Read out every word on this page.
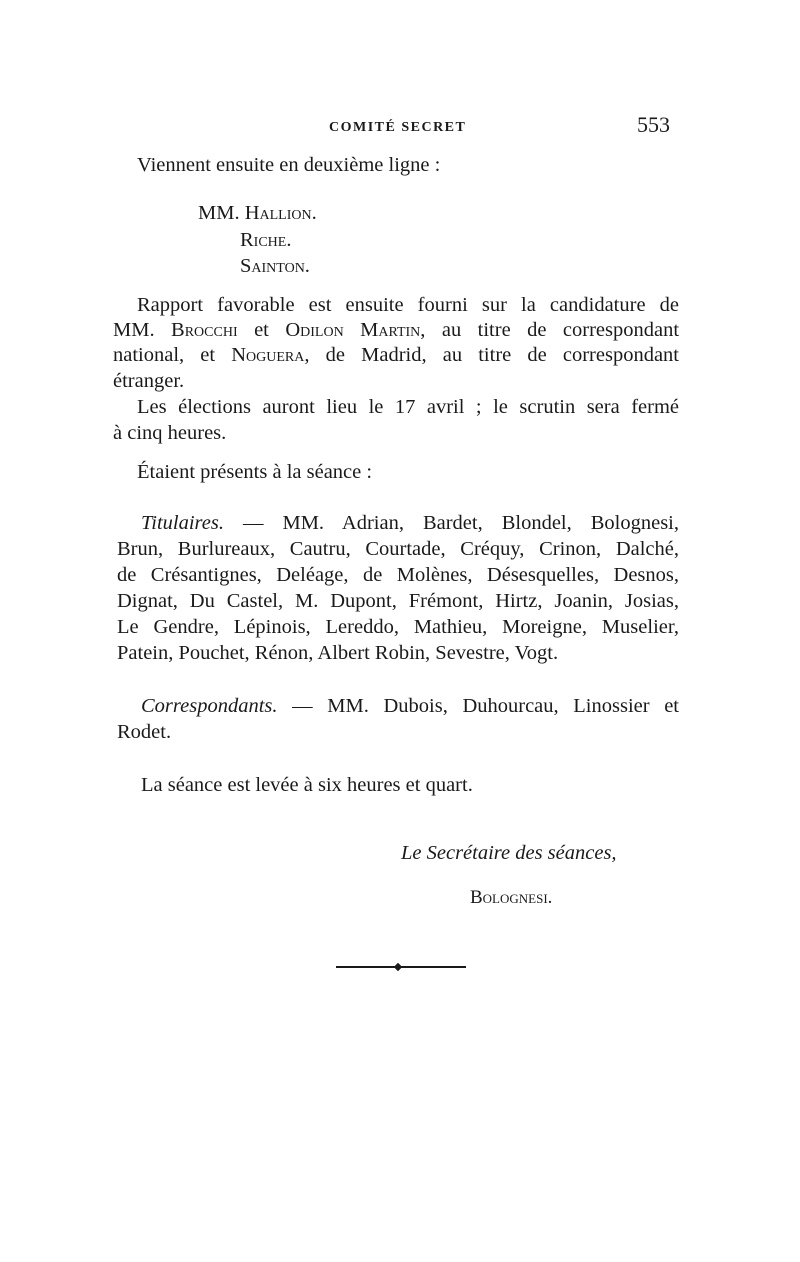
COMITÉ SECRET	553
Viennent ensuite en deuxième ligne :
MM. Hallion.
Riche.
Sainton.
Rapport favorable est ensuite fourni sur la candidature de
MM. Brocchi et Odilon Martin, au titre de correspondant
national, et Noguera, de Madrid, au titre de correspondant
étranger.
Les élections auront lieu le 17 avril ; le scrutin sera fermé
à cinq heures.
Étaient présents à la séance :
Titulaires. — MM. Adrian, Bardet, Blondel, Bolognesi,
Brun, Burlureaux, Cautru, Courtade, Créquy, Crinon, Dalché,
de Crésantignes, Deléage, de Molènes, Désesquelles, Desnos,
Dignat, Du Castel, M. Dupont, Frémont, Hirtz, Joanin, Josias,
Le Gendre, Lépinois, Lereddo, Mathieu, Moreigne, Muselier,
Patein, Pouchet, Rénon, Albert Robin, Sevestre, Vogt.
Correspondants. — MM. Dubois, Duhourcau, Linossier et
Rodet.
La séance est levée à six heures et quart.
Le Secrétaire des séances,
Bolognesi.
